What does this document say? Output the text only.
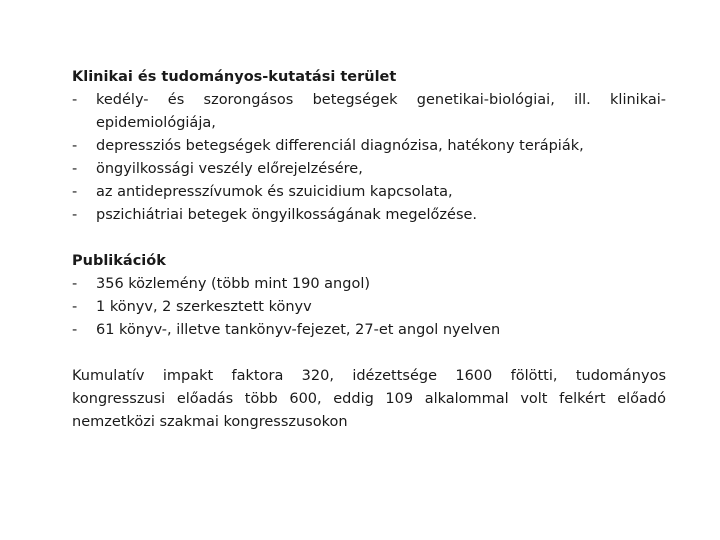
Klinikai és tudományos-kutatási terület

- kedély- és szorongásos betegségek genetikai-biológiai, ill. klinikai-epidemiológiája,
- depressziós betegségek differenciál diagnózisa, hatékony terápiák,
- öngyilkossági veszély előrejelzésére,
- az antidepresszívumok és szuicidium kapcsolata,
- pszichiátriai betegek öngyilkosságának megelőzése.

Publikációk

- 356 közlemény (több mint 190 angol)
- 1 könyv, 2 szerkesztett könyv
- 61 könyv-, illetve tankönyv-fejezet, 27-et angol nyelven

Kumulatív impakt faktora 320, idézettsége 1600 fölötti, tudományos kongresszusi előadás több 600, eddig 109 alkalommal volt felkért előadó nemzetközi szakmai kongresszusokon
